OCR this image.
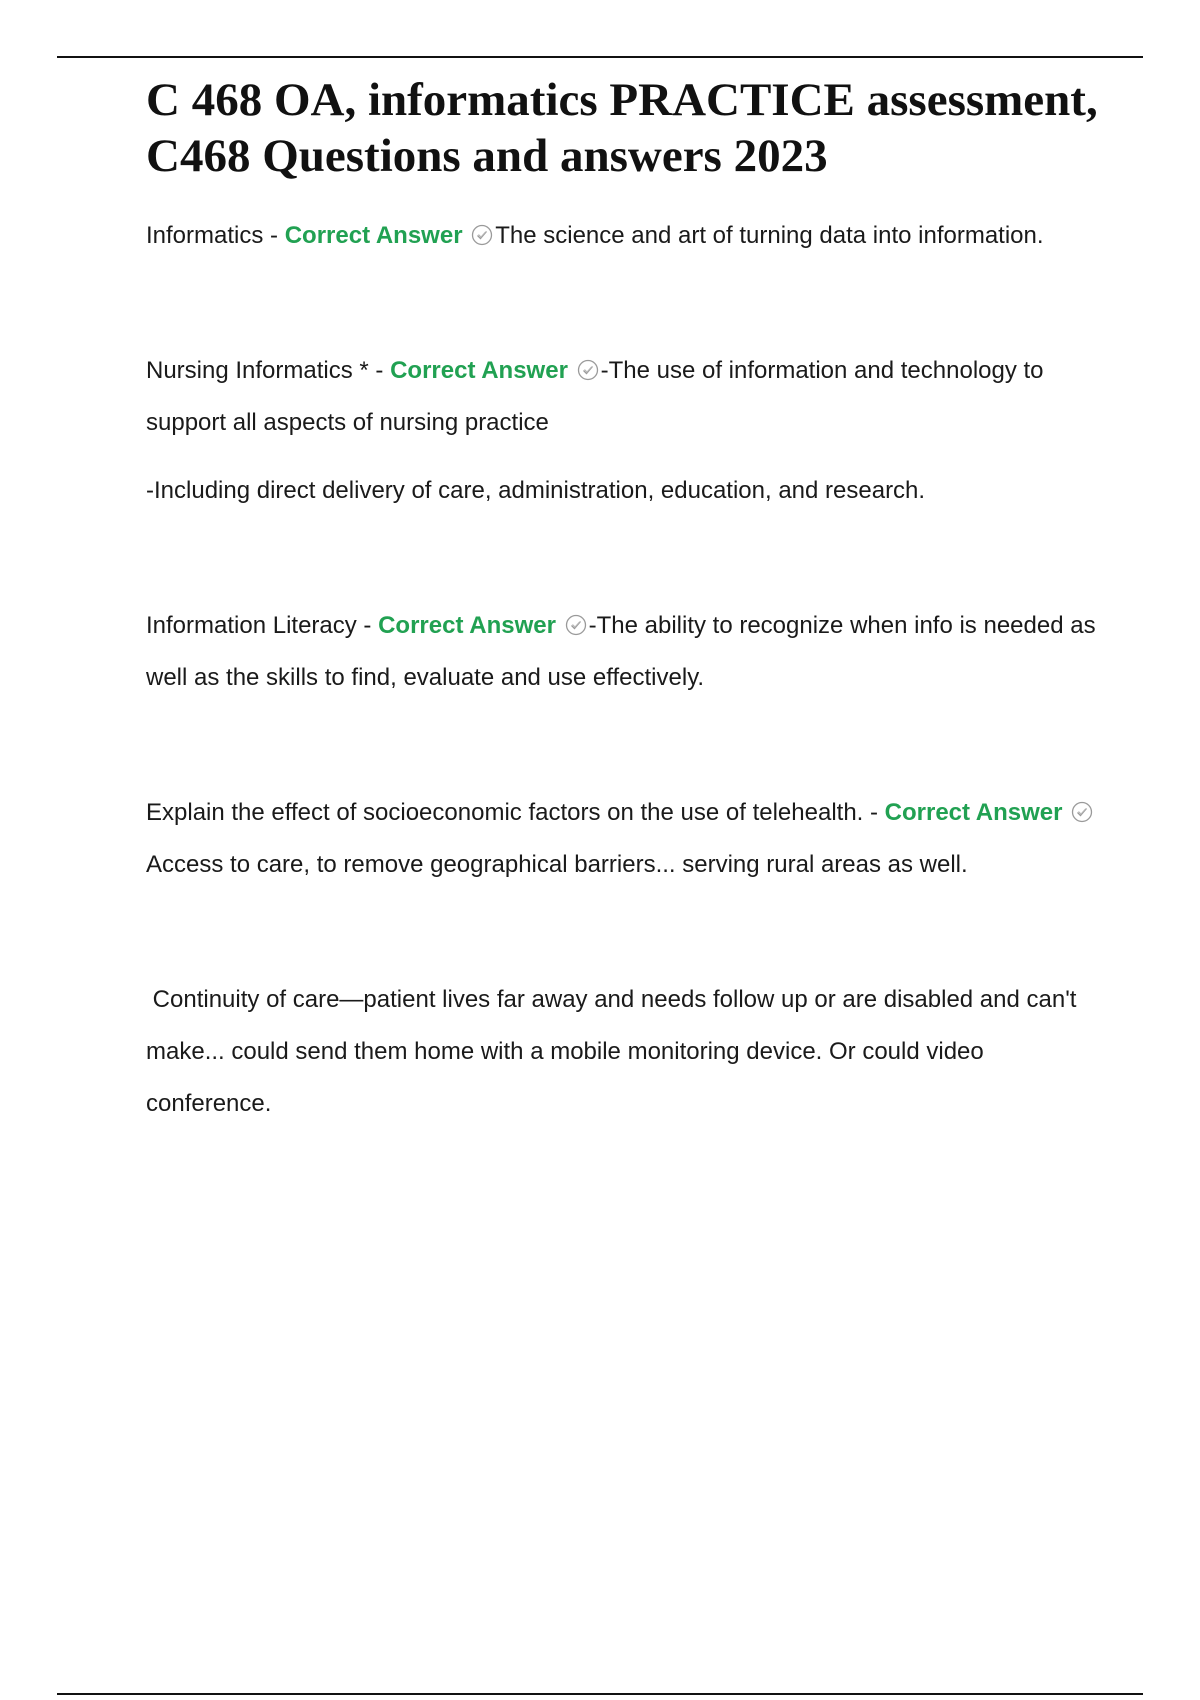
C 468 OA, informatics PRACTICE assessment, C468 Questions and answers 2023

Informatics - Correct Answer The science and art of turning data into information.

Nursing Informatics * - Correct Answer -The use of information and technology to support all aspects of nursing practice

-Including direct delivery of care, administration, education, and research.

Information Literacy - Correct Answer -The ability to recognize when info is needed as well as the skills to find, evaluate and use effectively.

Explain the effect of socioeconomic factors on the use of telehealth. - Correct Answer
Access to care, to remove geographical barriers... serving rural areas as well.

Continuity of care—patient lives far away and needs follow up or are disabled and can't make... could send them home with a mobile monitoring device. Or could video conference.
